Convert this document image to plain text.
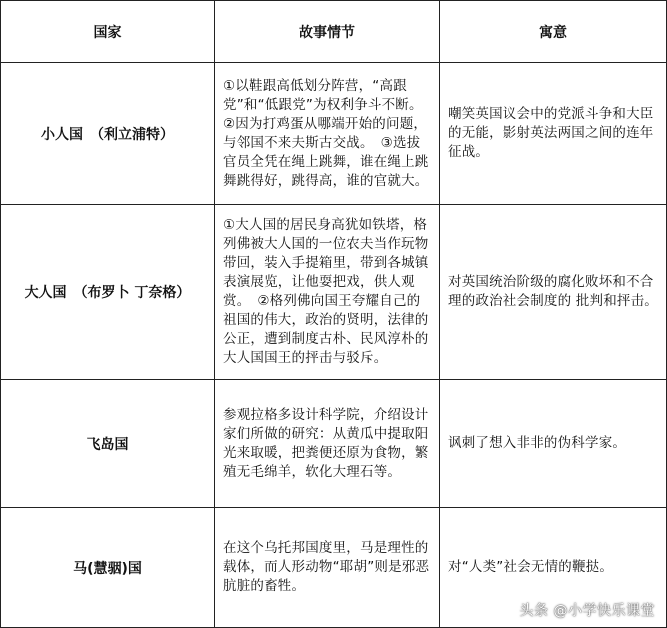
国家	故事情节	寓意
小人国　（利立浦特）	①以鞋跟高低划分阵营，“高跟党”和“低跟党”为权利争斗不断。　②因为打鸡蛋从哪端开始的问题，与邻国不来夫斯古交战。　③选拔官员全凭在绳上跳舞，谁在绳上跳舞跳得好，跳得高，谁的官就大。	嘲笑英国议会中的党派斗争和大臣的无能，影射英法两国之间的连年征战。
大人国　（布罗卜 丁奈格）	①大人国的居民身高犹如铁塔，格列佛被大人国的一位农夫当作玩物带回，装入手提箱里，带到各城镇表演展览，让他耍把戏，供人观赏。　②格列佛向国王夸耀自己的祖国的伟大，政治的贤明，法律的公正，遭到制度古朴、民风淳朴的大人国国王的抨击与驳斥。	对英国统治阶级的腐化败坏和不合理的政治社会制度的 批判和抨击。
飞岛国	参观拉格多设计科学院，介绍设计家们所做的研究：从黄瓜中提取阳光来取暖，把粪便还原为食物，繁殖无毛绵羊，软化大理石等。	讽刺了想入非非的伪科学家。
马(慧骃)国	在这个乌托邦国度里，马是理性的载体，而人形动物“耶胡”则是邪恶肮脏的畜牲。	对“人类”社会无情的鞭挞。
头条 @小学快乐课堂
